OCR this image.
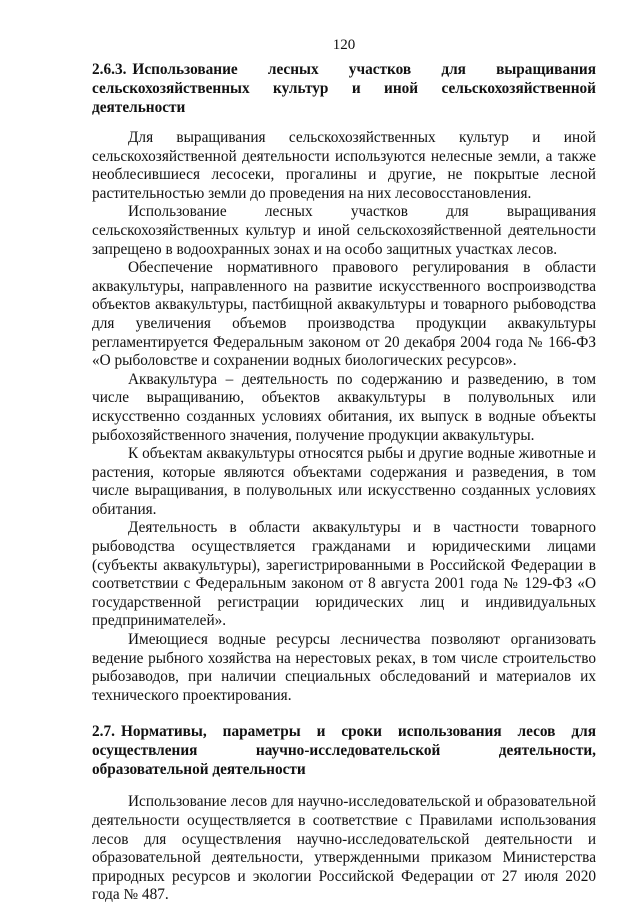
120
2.6.3. Использование лесных участков для выращивания сельскохозяйственных культур и иной сельскохозяйственной деятельности

Для выращивания сельскохозяйственных культур и иной сельскохозяйственной деятельности используются нелесные земли, а также необлесившиеся лесосеки, прогалины и другие, не покрытые лесной растительностью земли до проведения на них лесовосстановления.

Использование лесных участков для выращивания сельскохозяйственных культур и иной сельскохозяйственной деятельности запрещено в водоохранных зонах и на особо защитных участках лесов.

Обеспечение нормативного правового регулирования в области аквакультуры, направленного на развитие искусственного воспроизводства объектов аквакультуры, пастбищной аквакультуры и товарного рыбоводства для увеличения объемов производства продукции аквакультуры регламентируется Федеральным законом от 20 декабря 2004 года № 166-ФЗ «О рыболовстве и сохранении водных биологических ресурсов».

Аквакультура – деятельность по содержанию и разведению, в том числе выращиванию, объектов аквакультуры в полувольных или искусственно созданных условиях обитания, их выпуск в водные объекты рыбохозяйственного значения, получение продукции аквакультуры.

К объектам аквакультуры относятся рыбы и другие водные животные и растения, которые являются объектами содержания и разведения, в том числе выращивания, в полувольных или искусственно созданных условиях обитания.

Деятельность в области аквакультуры и в частности товарного рыбоводства осуществляется гражданами и юридическими лицами (субъекты аквакультуры), зарегистрированными в Российской Федерации в соответствии с Федеральным законом от 8 августа 2001 года № 129-ФЗ «О государственной регистрации юридических лиц и индивидуальных предпринимателей».

Имеющиеся водные ресурсы лесничества позволяют организовать ведение рыбного хозяйства на нерестовых реках, в том числе строительство рыбозаводов, при наличии специальных обследований и материалов их технического проектирования.

2.7. Нормативы, параметры и сроки использования лесов для осуществления научно-исследовательской деятельности, образовательной деятельности

Использование лесов для научно-исследовательской и образовательной деятельности осуществляется в соответствие с Правилами использования лесов для осуществления научно-исследовательской деятельности и образовательной деятельности, утвержденными приказом Министерства природных ресурсов и экологии Российской Федерации от 27 июля 2020 года № 487.
